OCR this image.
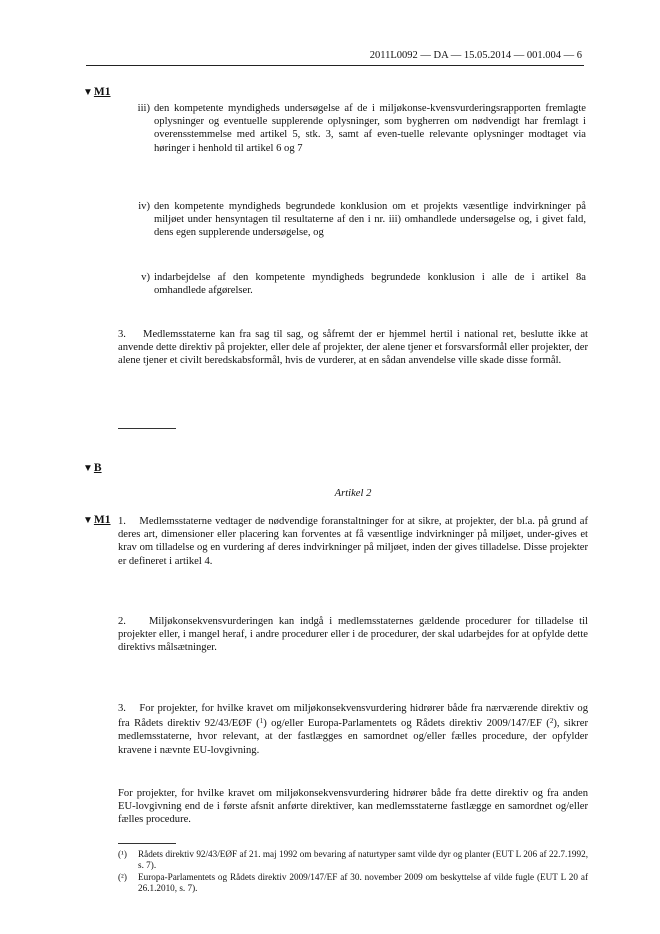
2011L0092 — DA — 15.05.2014 — 001.004 — 6
▼M1
iii) den kompetente myndigheds undersøgelse af de i miljøkonse-kvensvurderingsrapporten fremlagte oplysninger og eventuelle supplerende oplysninger, som bygherren om nødvendigt har fremlagt i overensstemmelse med artikel 5, stk. 3, samt af even-tuelle relevante oplysninger modtaget via høringer i henhold til artikel 6 og 7
iv) den kompetente myndigheds begrundede konklusion om et projekts væsentlige indvirkninger på miljøet under hensyntagen til resultaterne af den i nr. iii) omhandlede undersøgelse og, i givet fald, dens egen supplerende undersøgelse, og
v) indarbejdelse af den kompetente myndigheds begrundede konklusion i alle de i artikel 8a omhandlede afgørelser.

3.    Medlemsstaterne kan fra sag til sag, og såfremt der er hjemmel hertil i national ret, beslutte ikke at anvende dette direktiv på projekter, eller dele af projekter, der alene tjener et forsvarsformål eller projekter, der alene tjener et civilt beredskabsformål, hvis de vurderer, at en sådan anvendelse ville skade disse formål.

▼B
Artikel 2
▼M1 1.    Medlemsstaterne vedtager de nødvendige foranstaltninger for at sikre, at projekter, der bl.a. på grund af deres art, dimensioner eller placering kan forventes at få væsentlige indvirkninger på miljøet, under-gives et krav om tilladelse og en vurdering af deres indvirkninger på miljøet, inden der gives tilladelse. Disse projekter er defineret i artikel 4.

2.    Miljøkonsekvensvurderingen kan indgå i medlemsstaternes gældende procedurer for tilladelse til projekter eller, i mangel heraf, i andre procedurer eller i de procedurer, der skal udarbejdes for at opfylde dette direktivs målsætninger.

3.    For projekter, for hvilke kravet om miljøkonsekvensvurdering hidrører både fra nærværende direktiv og fra Rådets direktiv 92/43/EØF ($^1$) og/eller Europa-Parlamentets og Rådets direktiv 2009/147/EF ($^2$), sikrer medlemsstaterne, hvor relevant, at der fastlægges en samordnet og/eller fælles procedure, der opfylder kravene i nævnte EU-lovgivning.

For projekter, for hvilke kravet om miljøkonsekvensvurdering hidrører både fra dette direktiv og fra anden EU-lovgivning end de i første afsnit anførte direktiver, kan medlemsstaterne fastlægge en samordnet og/eller fælles procedure.

(¹) Rådets direktiv 92/43/EØF af 21. maj 1992 om bevaring af naturtyper samt vilde dyr og planter (EUT L 206 af 22.7.1992, s. 7).
(²) Europa-Parlamentets og Rådets direktiv 2009/147/EF af 30. november 2009 om beskyttelse af vilde fugle (EUT L 20 af 26.1.2010, s. 7).
